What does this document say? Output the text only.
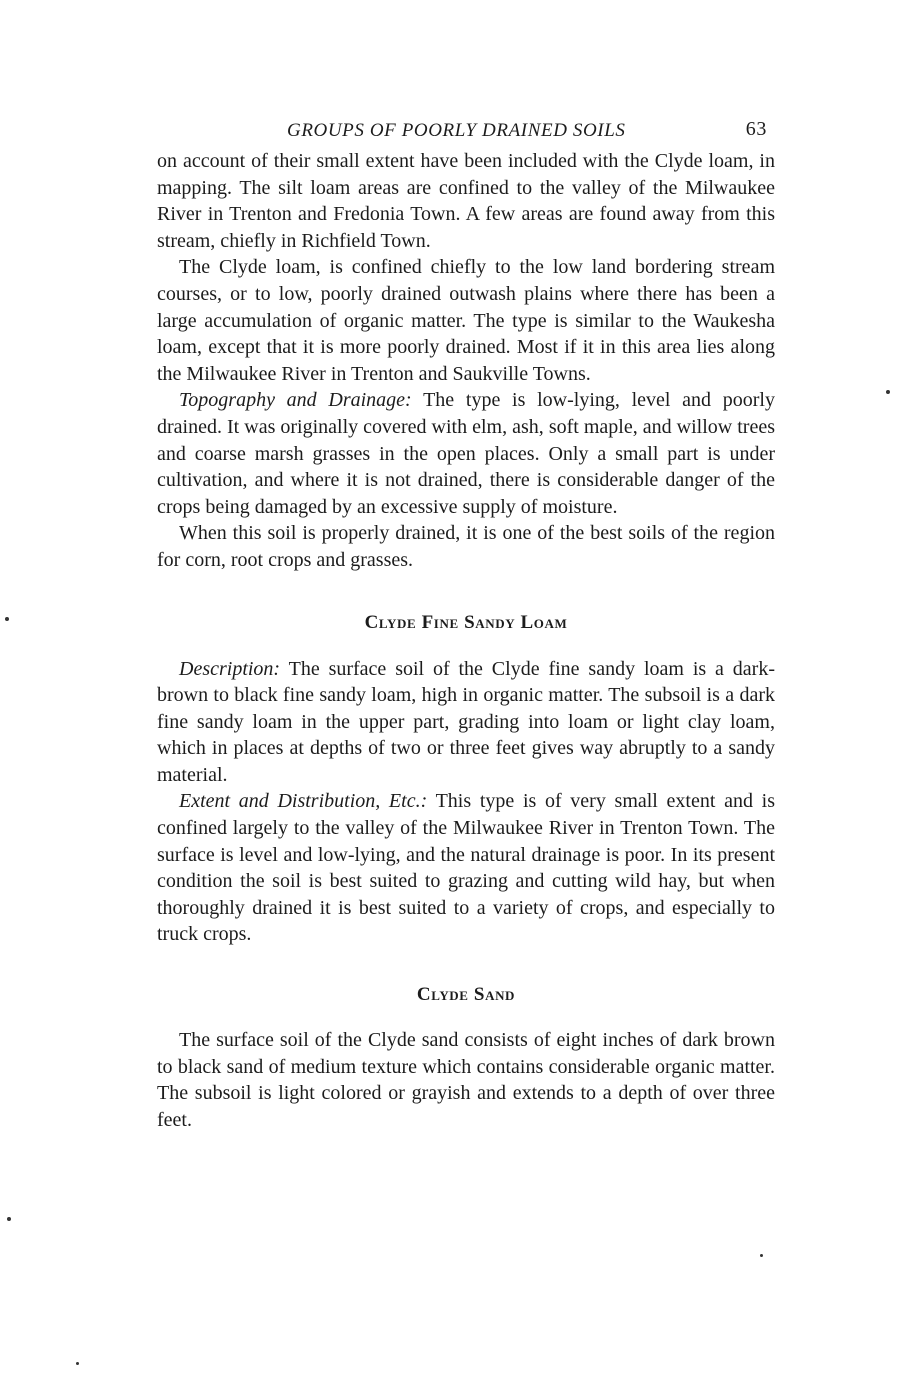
GROUPS OF POORLY DRAINED SOILS	63

on account of their small extent have been included with the Clyde loam, in mapping. The silt loam areas are confined to the valley of the Milwaukee River in Trenton and Fredonia Town. A few areas are found away from this stream, chiefly in Richfield Town.

The Clyde loam, is confined chiefly to the low land bordering stream courses, or to low, poorly drained outwash plains where there has been a large accumulation of organic matter. The type is similar to the Waukesha loam, except that it is more poorly drained. Most if it in this area lies along the Milwaukee River in Trenton and Saukville Towns.

Topography and Drainage: The type is low-lying, level and poorly drained. It was originally covered with elm, ash, soft maple, and willow trees and coarse marsh grasses in the open places. Only a small part is under cultivation, and where it is not drained, there is considerable danger of the crops being damaged by an excessive supply of moisture.

When this soil is properly drained, it is one of the best soils of the region for corn, root crops and grasses.

Clyde Fine Sandy Loam

Description: The surface soil of the Clyde fine sandy loam is a dark-brown to black fine sandy loam, high in organic matter. The subsoil is a dark fine sandy loam in the upper part, grading into loam or light clay loam, which in places at depths of two or three feet gives way abruptly to a sandy material.

Extent and Distribution, Etc.: This type is of very small extent and is confined largely to the valley of the Milwaukee River in Trenton Town. The surface is level and low-lying, and the natural drainage is poor. In its present condition the soil is best suited to grazing and cutting wild hay, but when thoroughly drained it is best suited to a variety of crops, and especially to truck crops.

Clyde Sand

The surface soil of the Clyde sand consists of eight inches of dark brown to black sand of medium texture which contains considerable organic matter. The subsoil is light colored or grayish and extends to a depth of over three feet.
